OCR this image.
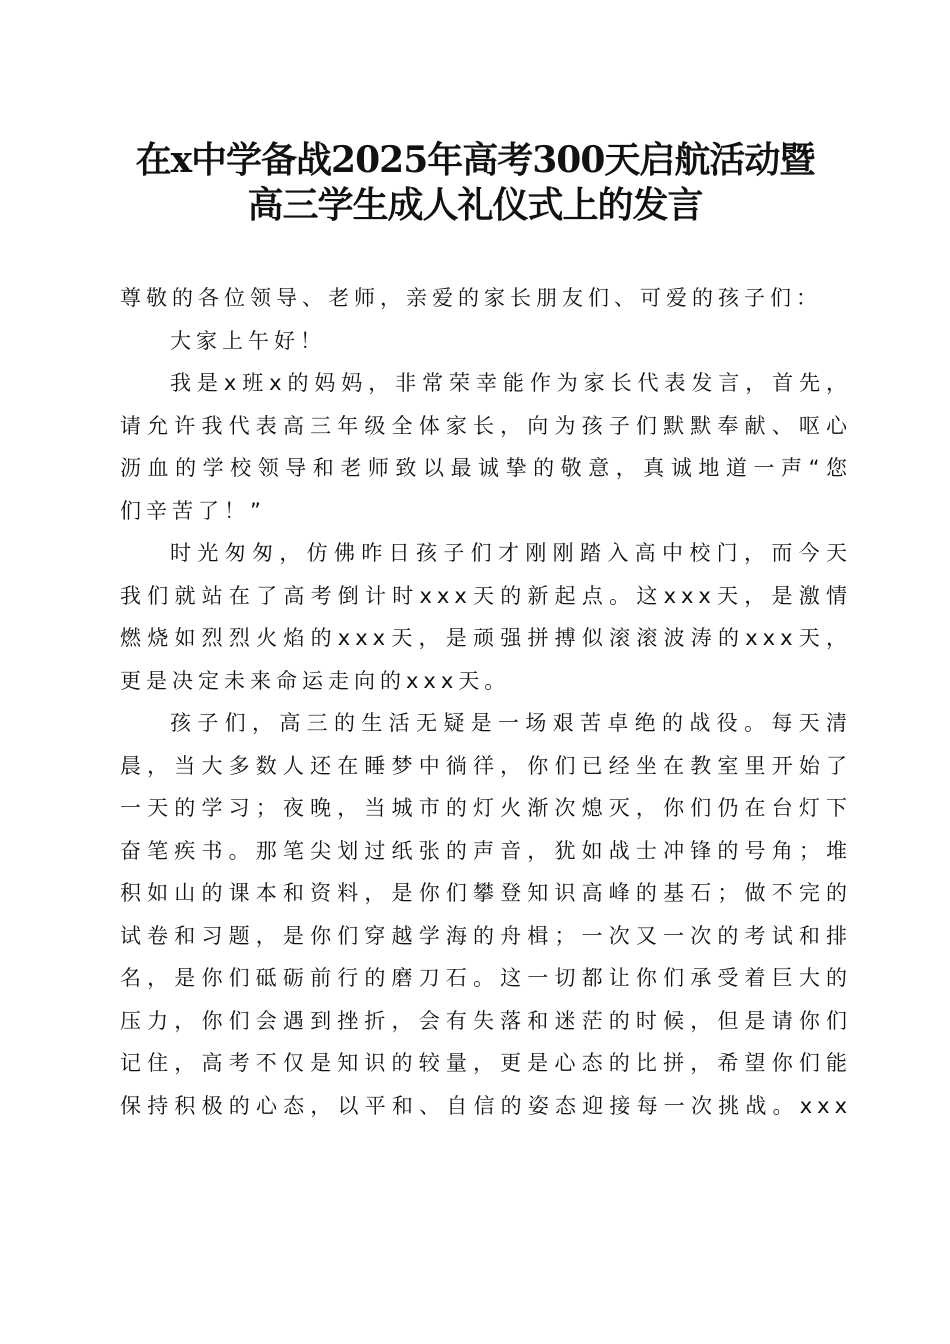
在x中学备战2025年高考300天启航活动暨
高三学生成人礼仪式上的发言
尊敬的各位领导、老师，亲爱的家长朋友们、可爱的孩子们：
大家上午好！
我是x班x的妈妈，非常荣幸能作为家长代表发言，首先，
请允许我代表高三年级全体家长，向为孩子们默默奉献、呕心
沥血的学校领导和老师致以最诚挚的敬意，真诚地道一声“您
们辛苦了！”
时光匆匆，仿佛昨日孩子们才刚刚踏入高中校门，而今天
我们就站在了高考倒计时xxx天的新起点。这xxx天，是激情
燃烧如烈烈火焰的xxx天，是顽强拼搏似滚滚波涛的xxx天，
更是决定未来命运走向的xxx天。
孩子们，高三的生活无疑是一场艰苦卓绝的战役。每天清
晨，当大多数人还在睡梦中徜徉，你们已经坐在教室里开始了
一天的学习；夜晚，当城市的灯火渐次熄灭，你们仍在台灯下
奋笔疾书。那笔尖划过纸张的声音，犹如战士冲锋的号角；堆
积如山的课本和资料，是你们攀登知识高峰的基石；做不完的
试卷和习题，是你们穿越学海的舟楫；一次又一次的考试和排
名，是你们砥砺前行的磨刀石。这一切都让你们承受着巨大的
压力，你们会遇到挫折，会有失落和迷茫的时候，但是请你们
记住，高考不仅是知识的较量，更是心态的比拼，希望你们能
保持积极的心态，以平和、自信的姿态迎接每一次挑战。xxx
